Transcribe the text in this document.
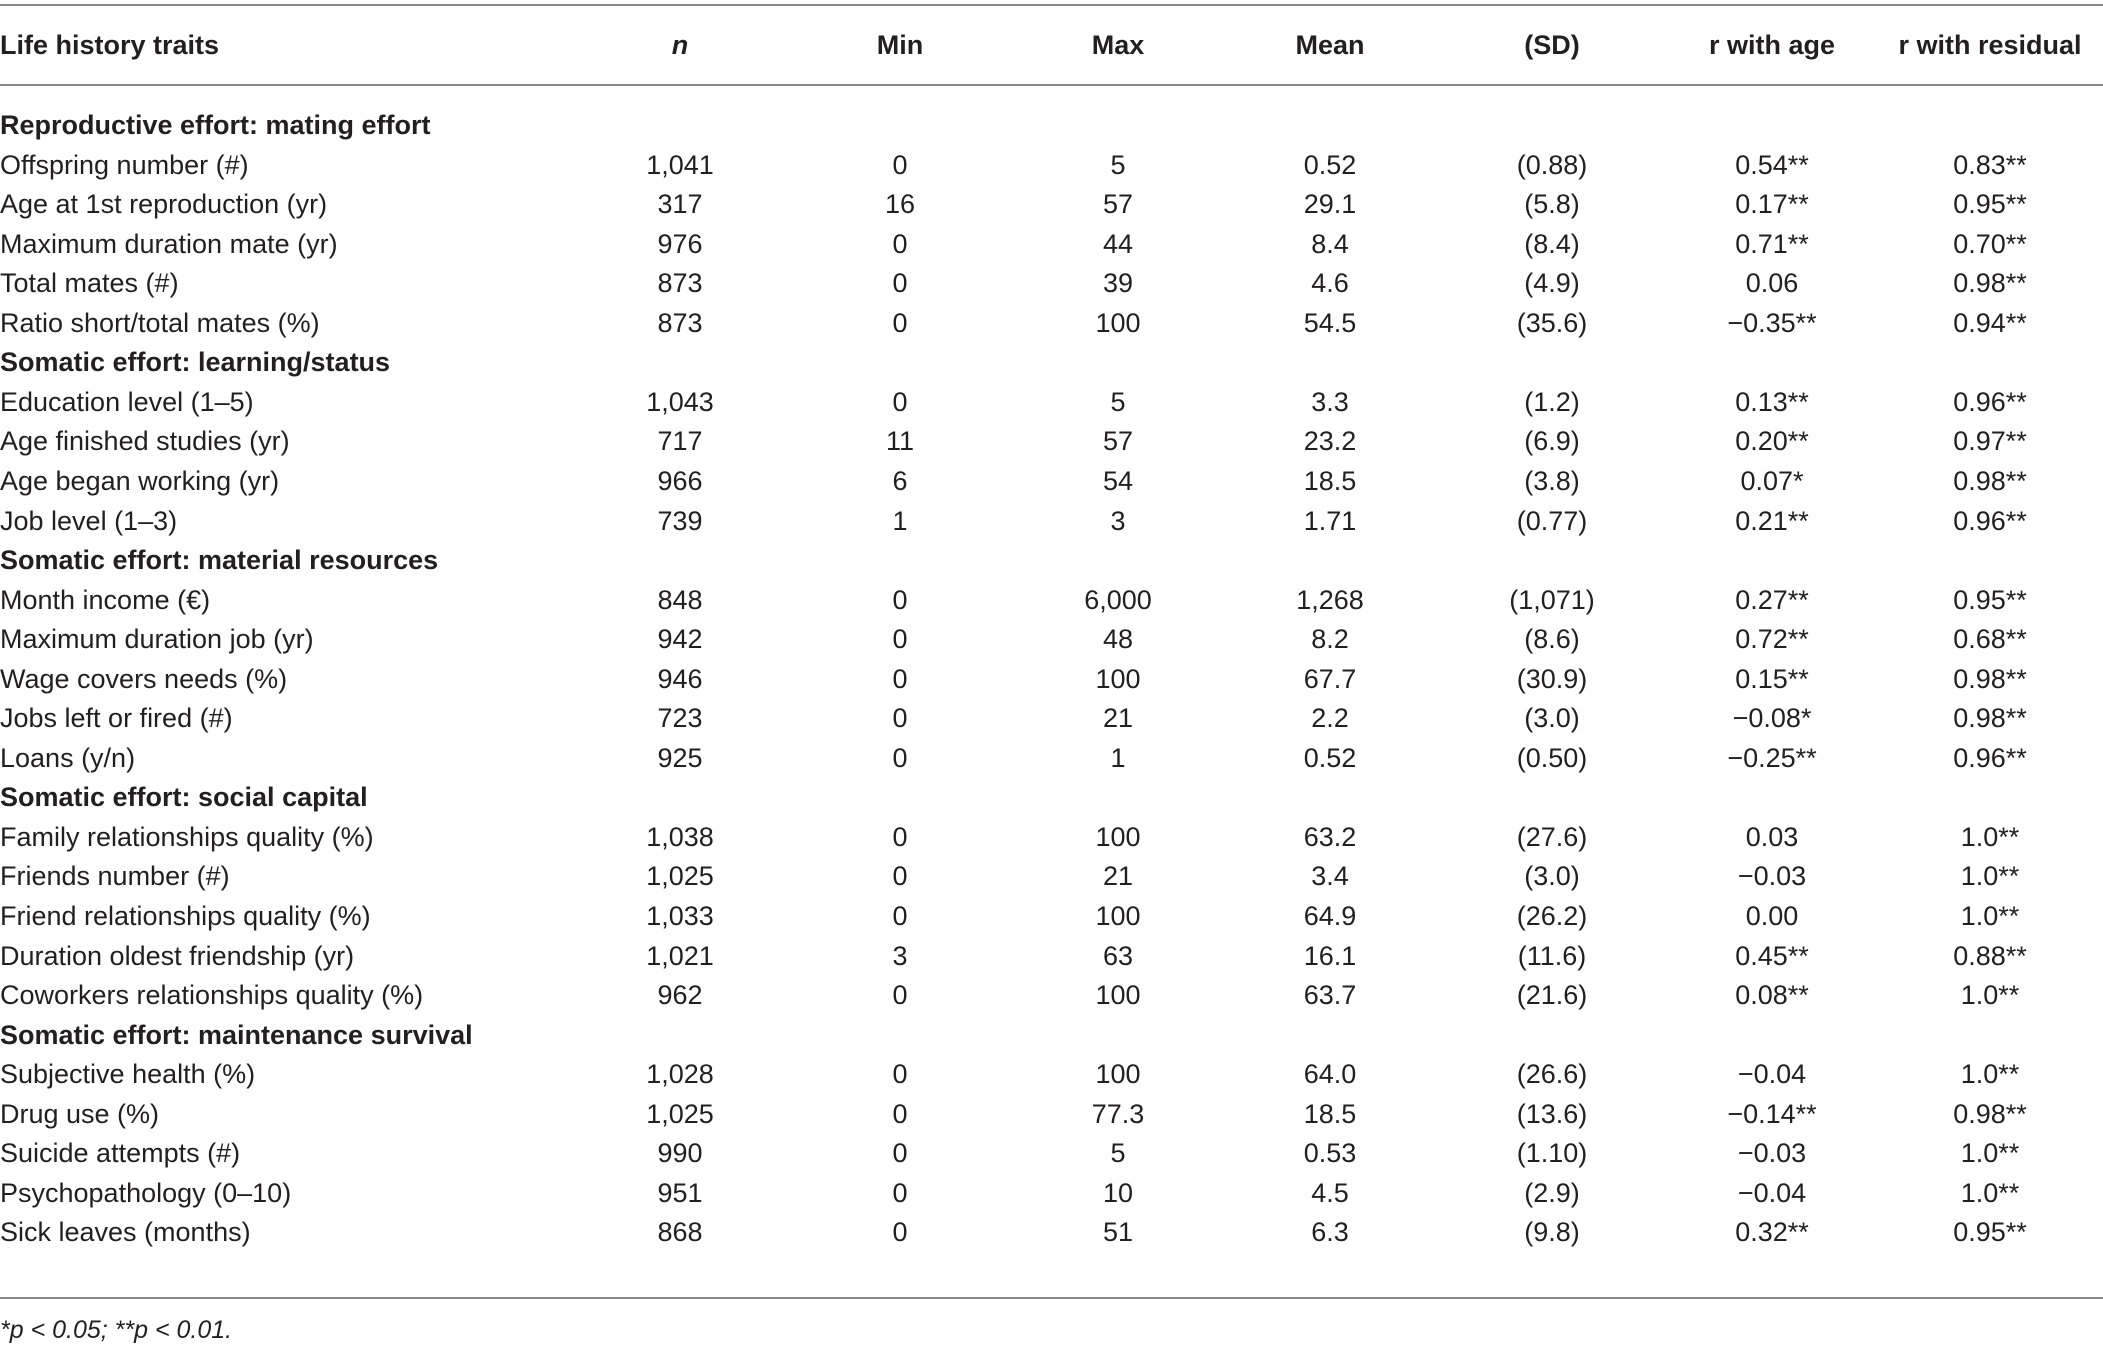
Life history traits	n	Min	Max	Mean	(SD)	r with age	r with residual
Reproductive effort: mating effort
Offspring number (#)	1,041	0	5	0.52	(0.88)	0.54**	0.83**
Age at 1st reproduction (yr)	317	16	57	29.1	(5.8)	0.17**	0.95**
Maximum duration mate (yr)	976	0	44	8.4	(8.4)	0.71**	0.70**
Total mates (#)	873	0	39	4.6	(4.9)	0.06	0.98**
Ratio short/total mates (%)	873	0	100	54.5	(35.6)	−0.35**	0.94**
Somatic effort: learning/status
Education level (1–5)	1,043	0	5	3.3	(1.2)	0.13**	0.96**
Age finished studies (yr)	717	11	57	23.2	(6.9)	0.20**	0.97**
Age began working (yr)	966	6	54	18.5	(3.8)	0.07*	0.98**
Job level (1–3)	739	1	3	1.71	(0.77)	0.21**	0.96**
Somatic effort: material resources
Month income (€)	848	0	6,000	1,268	(1,071)	0.27**	0.95**
Maximum duration job (yr)	942	0	48	8.2	(8.6)	0.72**	0.68**
Wage covers needs (%)	946	0	100	67.7	(30.9)	0.15**	0.98**
Jobs left or fired (#)	723	0	21	2.2	(3.0)	−0.08*	0.98**
Loans (y/n)	925	0	1	0.52	(0.50)	−0.25**	0.96**
Somatic effort: social capital
Family relationships quality (%)	1,038	0	100	63.2	(27.6)	0.03	1.0**
Friends number (#)	1,025	0	21	3.4	(3.0)	−0.03	1.0**
Friend relationships quality (%)	1,033	0	100	64.9	(26.2)	0.00	1.0**
Duration oldest friendship (yr)	1,021	3	63	16.1	(11.6)	0.45**	0.88**
Coworkers relationships quality (%)	962	0	100	63.7	(21.6)	0.08**	1.0**
Somatic effort: maintenance survival
Subjective health (%)	1,028	0	100	64.0	(26.6)	−0.04	1.0**
Drug use (%)	1,025	0	77.3	18.5	(13.6)	−0.14**	0.98**
Suicide attempts (#)	990	0	5	0.53	(1.10)	−0.03	1.0**
Psychopathology (0–10)	951	0	10	4.5	(2.9)	−0.04	1.0**
Sick leaves (months)	868	0	51	6.3	(9.8)	0.32**	0.95**
*p < 0.05; **p < 0.01.
